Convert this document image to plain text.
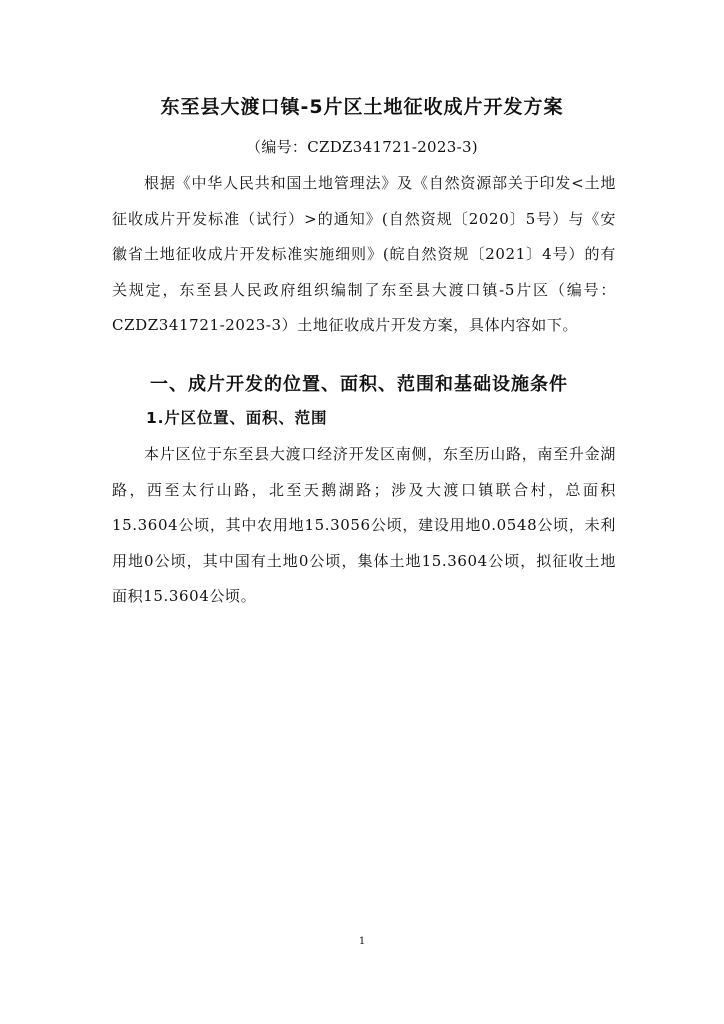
东至县大渡口镇-5片区土地征收成片开发方案
（编号：CZDZ341721-2023-3)
根据《中华人民共和国土地管理法》及《自然资源部关于印发<土地征收成片开发标准（试行）>的通知》(自然资规〔2020〕5号）与《安徽省土地征收成片开发标准实施细则》(皖自然资规〔2021〕4号）的有关规定，东至县人民政府组织编制了东至县大渡口镇-5片区（编号：CZDZ341721-2023-3）土地征收成片开发方案，具体内容如下。
一、成片开发的位置、面积、范围和基础设施条件
1.片区位置、面积、范围
本片区位于东至县大渡口经济开发区南侧，东至历山路，南至升金湖路，西至太行山路，北至天鹅湖路；涉及大渡口镇联合村，总面积15.3604公顷，其中农用地15.3056公顷，建设用地0.0548公顷，未利用地0公顷，其中国有土地0公顷，集体土地15.3604公顷，拟征收土地面积15.3604公顷。
1
